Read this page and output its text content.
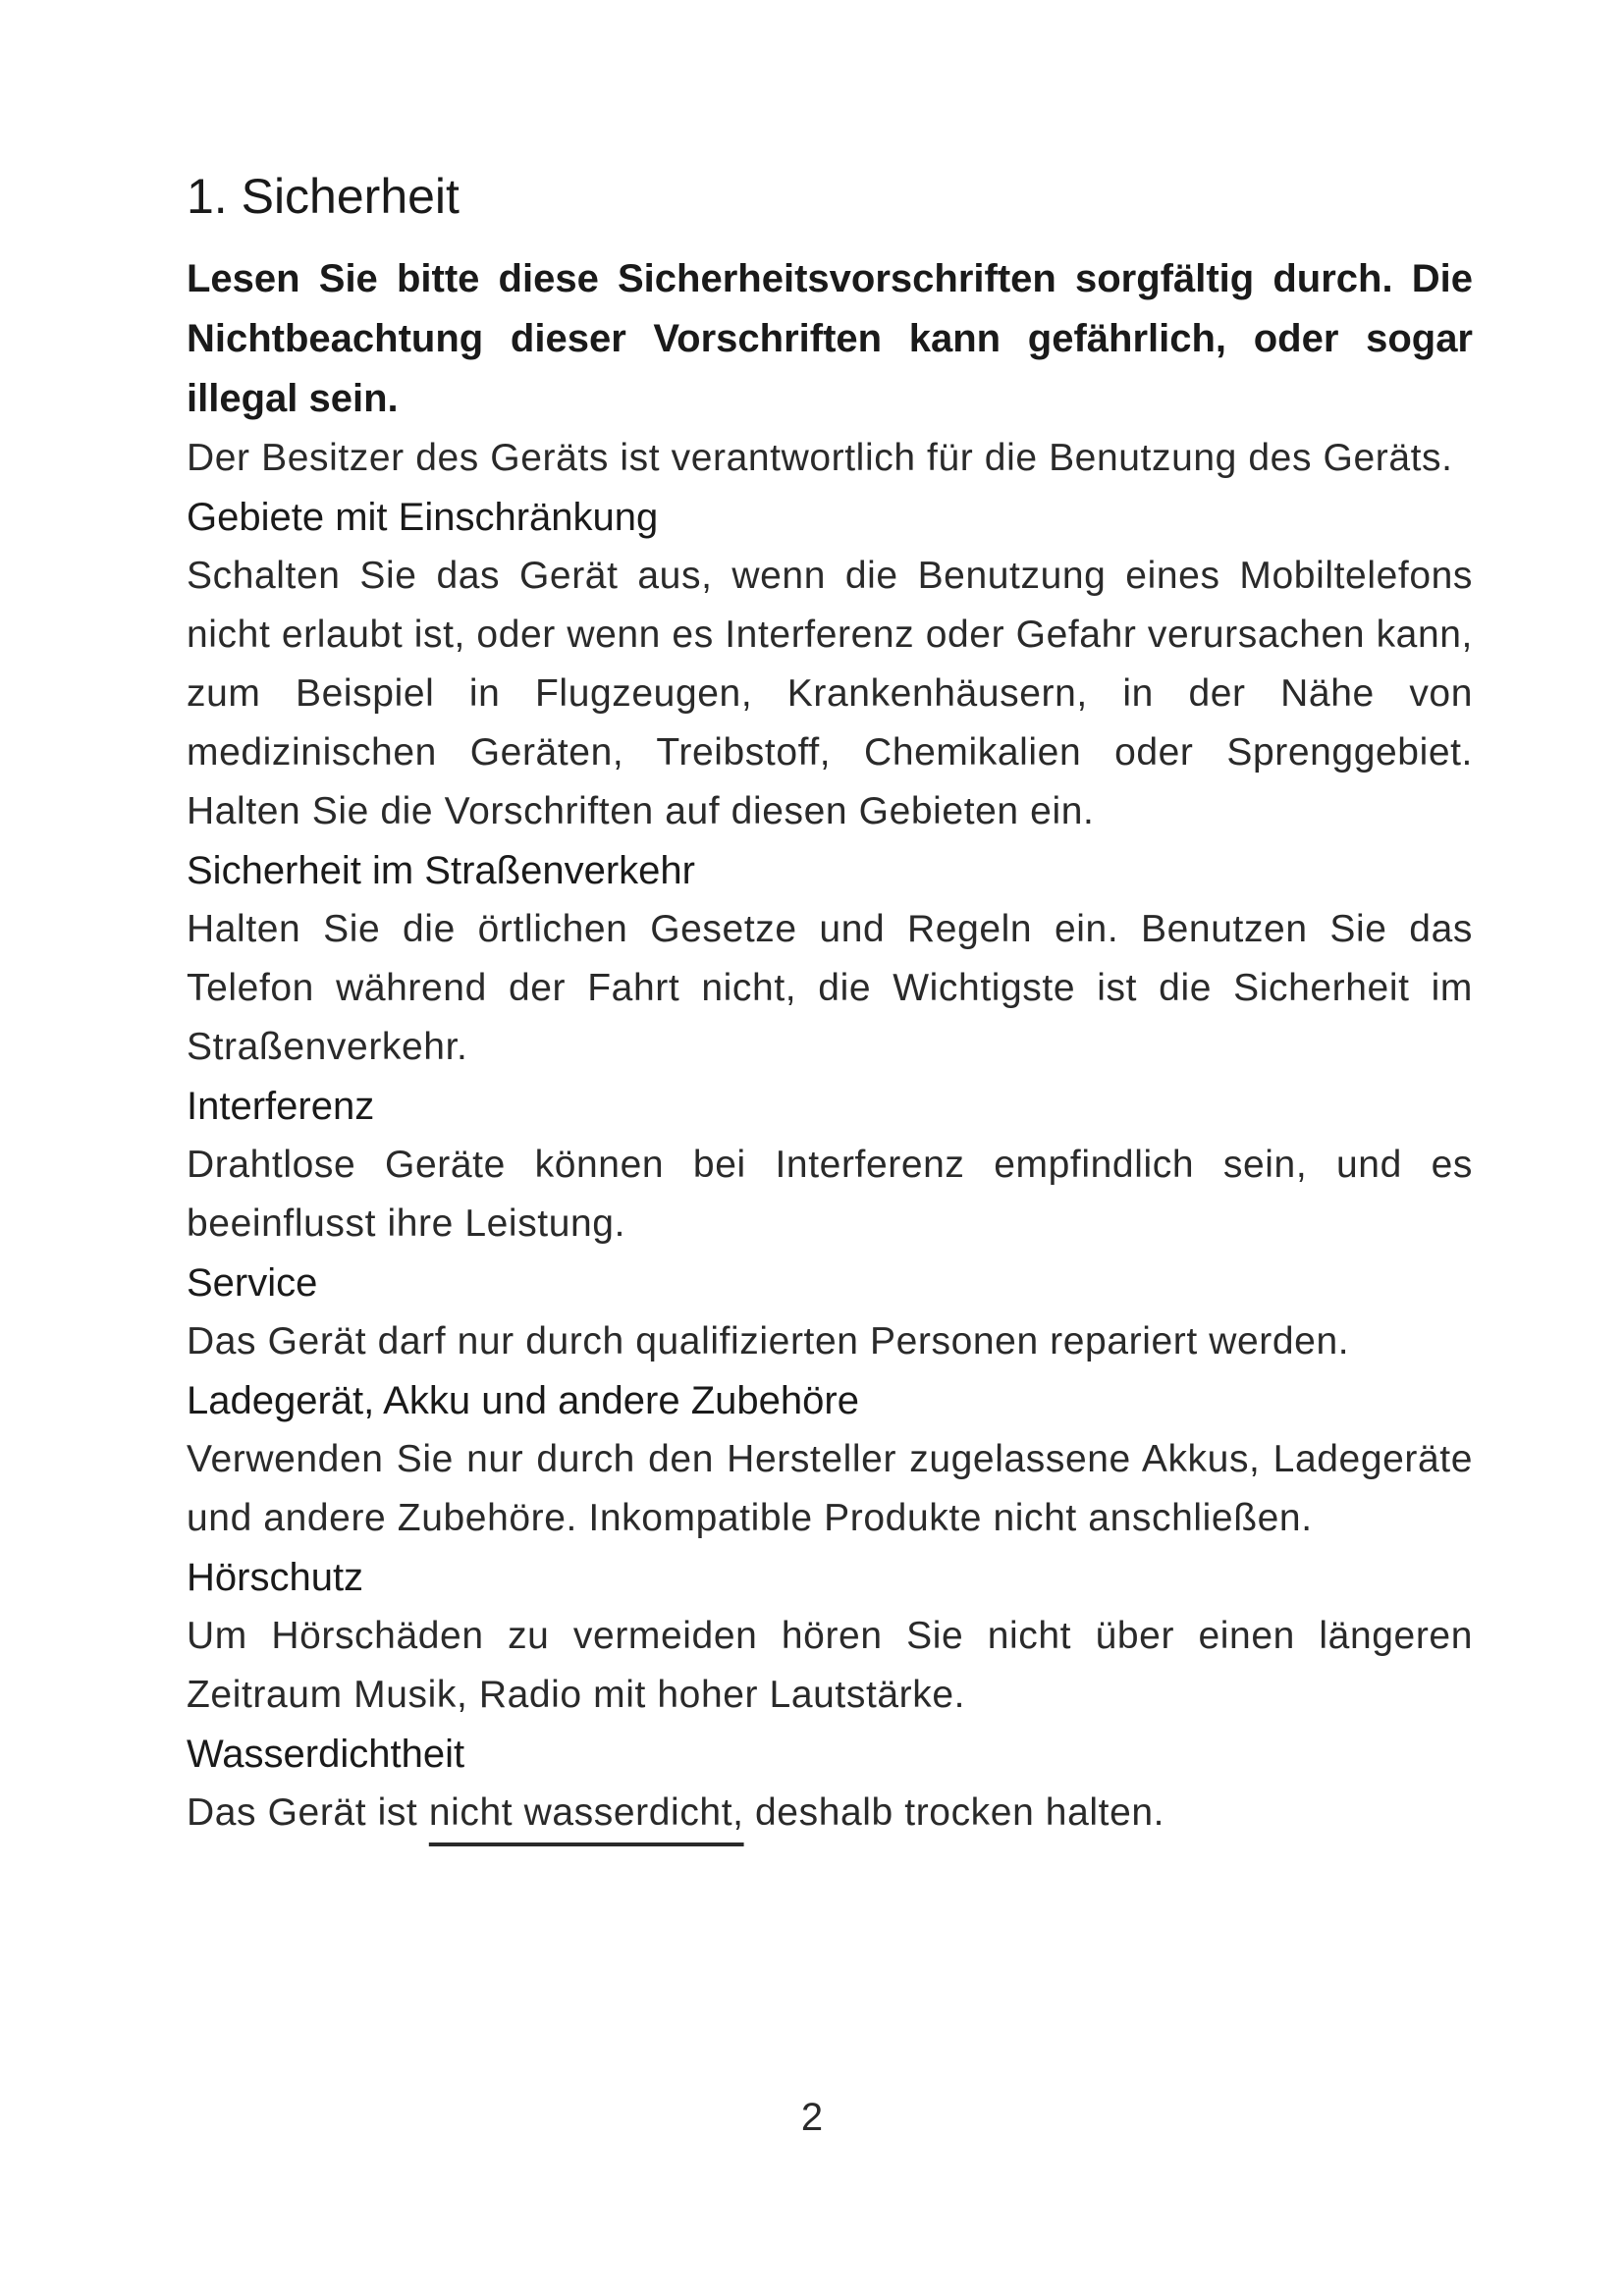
1. Sicherheit

Lesen Sie bitte diese Sicherheitsvorschriften sorgfältig durch. Die Nichtbeachtung dieser Vorschriften kann gefährlich, oder sogar illegal sein.

Der Besitzer des Geräts ist verantwortlich für die Benutzung des Geräts.

Gebiete mit Einschränkung

Schalten Sie das Gerät aus, wenn die Benutzung eines Mobiltelefons nicht erlaubt ist, oder wenn es Interferenz oder Gefahr verursachen kann, zum Beispiel in Flugzeugen, Krankenhäusern, in der Nähe von medizinischen Geräten, Treibstoff, Chemikalien oder Sprenggebiet. Halten Sie die Vorschriften auf diesen Gebieten ein.

Sicherheit im Straßenverkehr

Halten Sie die örtlichen Gesetze und Regeln ein. Benutzen Sie das Telefon während der Fahrt nicht, die Wichtigste ist die Sicherheit im Straßenverkehr.

Interferenz

Drahtlose Geräte können bei Interferenz empfindlich sein, und es beeinflusst ihre Leistung.

Service

Das Gerät darf nur durch qualifizierten Personen repariert werden.

Ladegerät, Akku und andere Zubehöre

Verwenden Sie nur durch den Hersteller zugelassene Akkus, Ladegeräte und andere Zubehöre. Inkompatible Produkte nicht anschließen.

Hörschutz

Um Hörschäden zu vermeiden hören Sie nicht über einen längeren Zeitraum Musik, Radio mit hoher Lautstärke.

Wasserdichtheit

Das Gerät ist nicht wasserdicht, deshalb trocken halten.

2
